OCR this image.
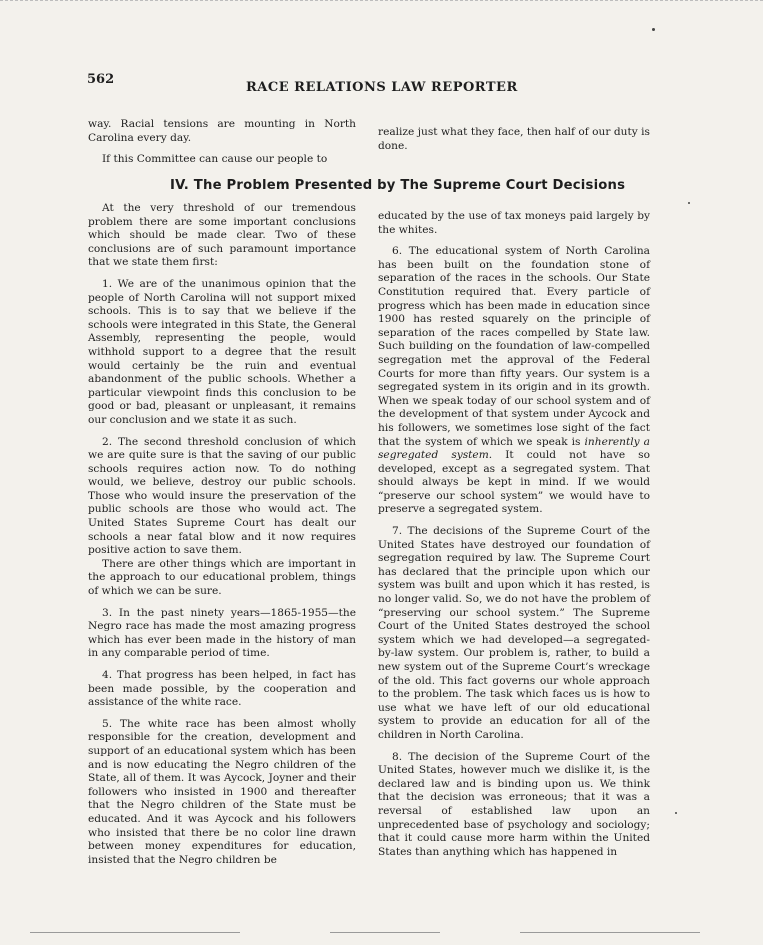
562
RACE RELATIONS LAW REPORTER

way. Racial tensions are mounting in North Carolina every day.

If this Committee can cause our people to

realize just what they face, then half of our duty is done.

IV. The Problem Presented by The Supreme Court Decisions

At the very threshold of our tremendous problem there are some important conclusions which should be made clear. Two of these conclusions are of such paramount importance that we state them first:

1. We are of the unanimous opinion that the people of North Carolina will not support mixed schools. This is to say that we believe if the schools were integrated in this State, the General Assembly, representing the people, would withhold support to a degree that the result would certainly be the ruin and eventual abandonment of the public schools. Whether a particular viewpoint finds this conclusion to be good or bad, pleasant or unpleasant, it remains our conclusion and we state it as such.

2. The second threshold conclusion of which we are quite sure is that the saving of our public schools requires action now. To do nothing would, we believe, destroy our public schools. Those who would insure the preservation of the public schools are those who would act. The United States Supreme Court has dealt our schools a near fatal blow and it now requires positive action to save them.

There are other things which are important in the approach to our educational problem, things of which we can be sure.

3. In the past ninety years—1865-1955—the Negro race has made the most amazing progress which has ever been made in the history of man in any comparable period of time.

4. That progress has been helped, in fact has been made possible, by the cooperation and assistance of the white race.

5. The white race has been almost wholly responsible for the creation, development and support of an educational system which has been and is now educating the Negro children of the State, all of them. It was Aycock, Joyner and their followers who insisted in 1900 and thereafter that the Negro children of the State must be educated. And it was Aycock and his followers who insisted that there be no color line drawn between money expenditures for education, insisted that the Negro children be

educated by the use of tax moneys paid largely by the whites.

6. The educational system of North Carolina has been built on the foundation stone of separation of the races in the schools. Our State Constitution required that. Every particle of progress which has been made in education since 1900 has rested squarely on the principle of separation of the races compelled by State law. Such building on the foundation of law-compelled segregation met the approval of the Federal Courts for more than fifty years. Our system is a segregated system in its origin and in its growth. When we speak today of our school system and of the development of that system under Aycock and his followers, we sometimes lose sight of the fact that the system of which we speak is inherently a segregated system. It could not have so developed, except as a segregated system. That should always be kept in mind. If we would “preserve our school system” we would have to preserve a segregated system.

7. The decisions of the Supreme Court of the United States have destroyed our foundation of segregation required by law. The Supreme Court has declared that the principle upon which our system was built and upon which it has rested, is no longer valid. So, we do not have the problem of “preserving our school system.” The Supreme Court of the United States destroyed the school system which we had developed—a segregated-by-law system. Our problem is, rather, to build a new system out of the Supreme Court’s wreckage of the old. This fact governs our whole approach to the problem. The task which faces us is how to use what we have left of our old educational system to provide an education for all of the children in North Carolina.

8. The decision of the Supreme Court of the United States, however much we dislike it, is the declared law and is binding upon us. We think that the decision was erroneous; that it was a reversal of established law upon an unprecedented base of psychology and sociology; that it could cause more harm within the United States than anything which has happened in
